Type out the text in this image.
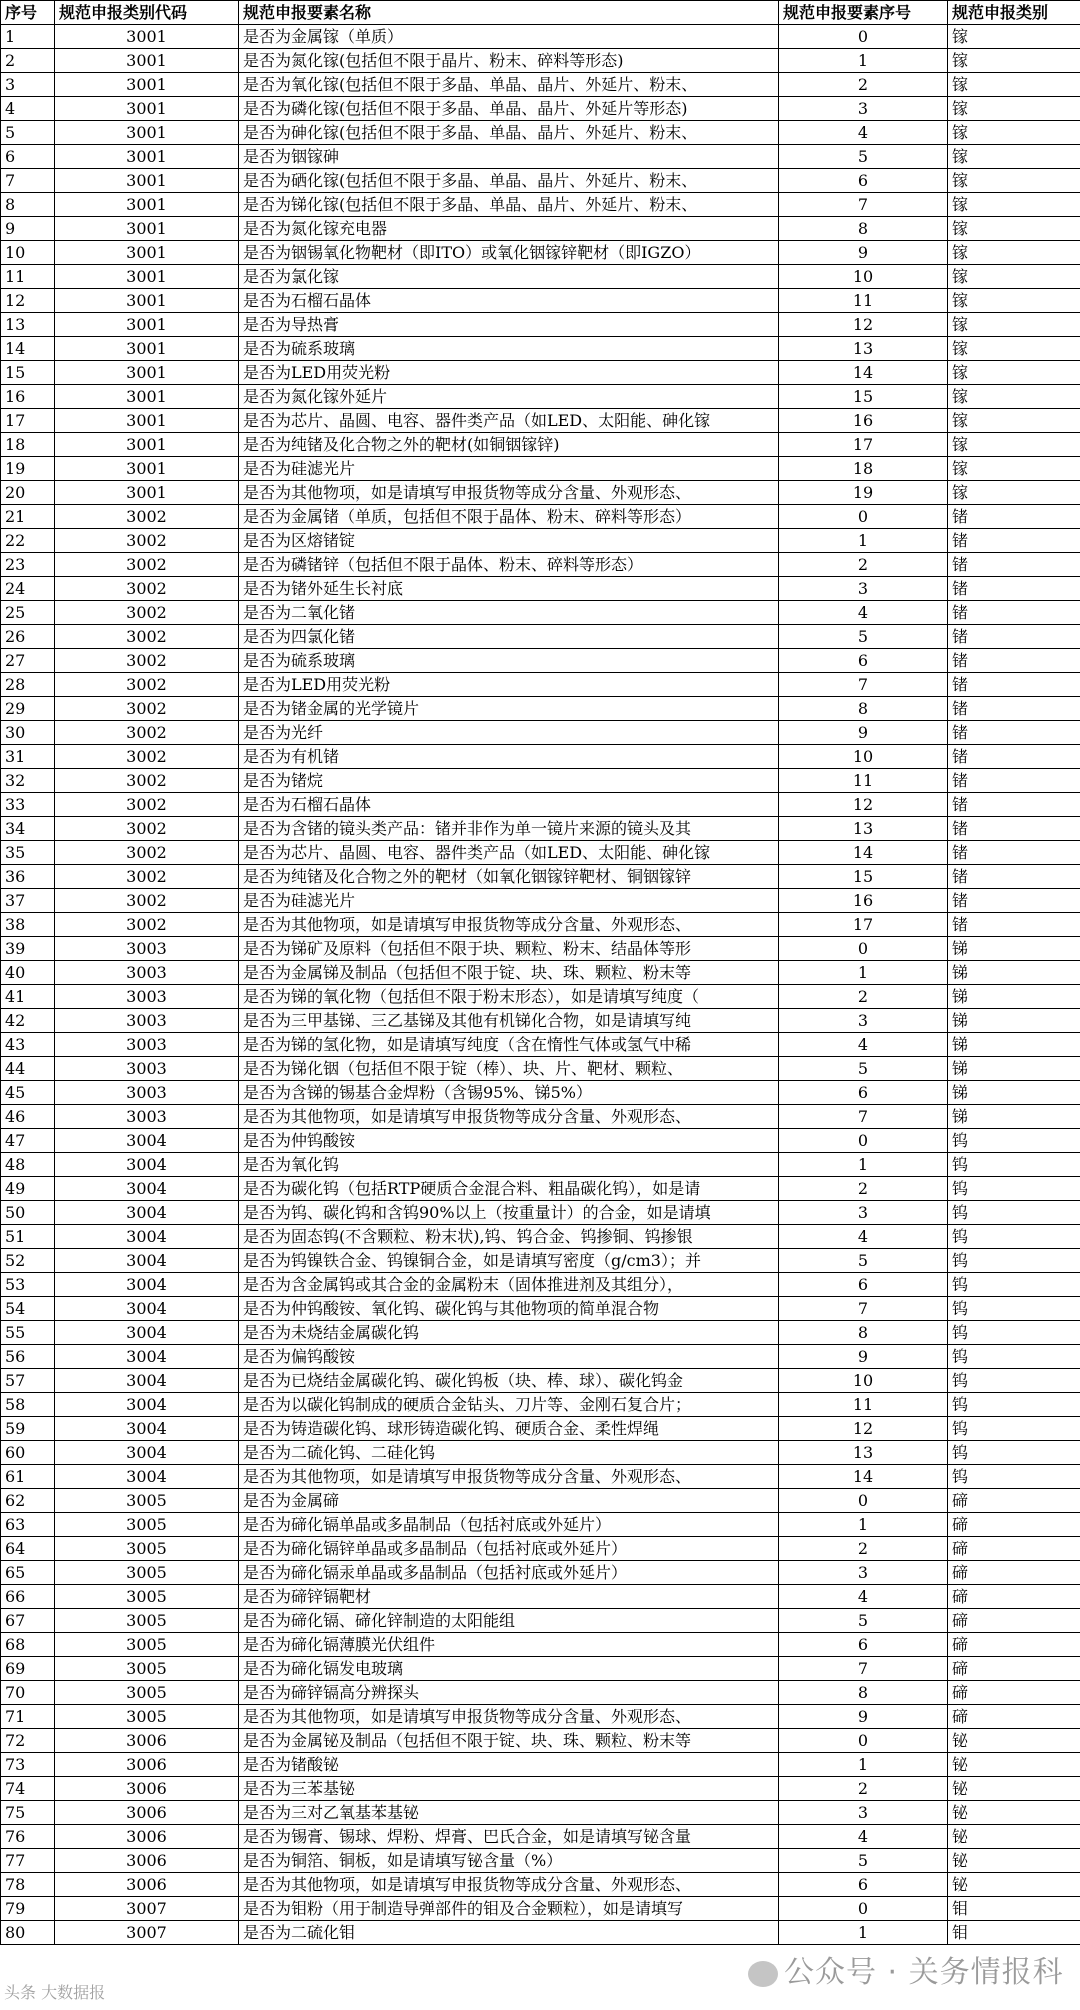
序号	规范申报类别代码	规范申报要素名称	规范申报要素序号	规范申报类别
1	3001	是否为金属镓（单质）	0	镓
2	3001	是否为氮化镓(包括但不限于晶片、粉末、碎料等形态)	1	镓
3	3001	是否为氧化镓(包括但不限于多晶、单晶、晶片、外延片、粉末、	2	镓
4	3001	是否为磷化镓(包括但不限于多晶、单晶、晶片、外延片等形态)	3	镓
5	3001	是否为砷化镓(包括但不限于多晶、单晶、晶片、外延片、粉末、	4	镓
6	3001	是否为铟镓砷	5	镓
7	3001	是否为硒化镓(包括但不限于多晶、单晶、晶片、外延片、粉末、	6	镓
8	3001	是否为锑化镓(包括但不限于多晶、单晶、晶片、外延片、粉末、	7	镓
9	3001	是否为氮化镓充电器	8	镓
10	3001	是否为铟锡氧化物靶材（即ITO）或氧化铟镓锌靶材（即IGZO）	9	镓
11	3001	是否为氯化镓	10	镓
12	3001	是否为石榴石晶体	11	镓
13	3001	是否为导热膏	12	镓
14	3001	是否为硫系玻璃	13	镓
15	3001	是否为LED用荧光粉	14	镓
16	3001	是否为氮化镓外延片	15	镓
17	3001	是否为芯片、晶圆、电容、器件类产品（如LED、太阳能、砷化镓	16	镓
18	3001	是否为纯锗及化合物之外的靶材(如铜铟镓锌)	17	镓
19	3001	是否为硅滤光片	18	镓
20	3001	是否为其他物项，如是请填写申报货物等成分含量、外观形态、	19	镓
21	3002	是否为金属锗（单质，包括但不限于晶体、粉末、碎料等形态）	0	锗
22	3002	是否为区熔锗锭	1	锗
23	3002	是否为磷锗锌（包括但不限于晶体、粉末、碎料等形态）	2	锗
24	3002	是否为锗外延生长衬底	3	锗
25	3002	是否为二氧化锗	4	锗
26	3002	是否为四氯化锗	5	锗
27	3002	是否为硫系玻璃	6	锗
28	3002	是否为LED用荧光粉	7	锗
29	3002	是否为锗金属的光学镜片	8	锗
30	3002	是否为光纤	9	锗
31	3002	是否为有机锗	10	锗
32	3002	是否为锗烷	11	锗
33	3002	是否为石榴石晶体	12	锗
34	3002	是否为含锗的镜头类产品：锗并非作为单一镜片来源的镜头及其	13	锗
35	3002	是否为芯片、晶圆、电容、器件类产品（如LED、太阳能、砷化镓	14	锗
36	3002	是否为纯锗及化合物之外的靶材（如氧化铟镓锌靶材、铜铟镓锌	15	锗
37	3002	是否为硅滤光片	16	锗
38	3002	是否为其他物项，如是请填写申报货物等成分含量、外观形态、	17	锗
39	3003	是否为锑矿及原料（包括但不限于块、颗粒、粉末、结晶体等形	0	锑
40	3003	是否为金属锑及制品（包括但不限于锭、块、珠、颗粒、粉末等	1	锑
41	3003	是否为锑的氧化物（包括但不限于粉末形态），如是请填写纯度（	2	锑
42	3003	是否为三甲基锑、三乙基锑及其他有机锑化合物，如是请填写纯	3	锑
43	3003	是否为锑的氢化物，如是请填写纯度（含在惰性气体或氢气中稀	4	锑
44	3003	是否为锑化铟（包括但不限于锭（棒）、块、片、靶材、颗粒、	5	锑
45	3003	是否为含锑的锡基合金焊粉（含锡95%、锑5%）	6	锑
46	3003	是否为其他物项，如是请填写申报货物等成分含量、外观形态、	7	锑
47	3004	是否为仲钨酸铵	0	钨
48	3004	是否为氧化钨	1	钨
49	3004	是否为碳化钨（包括RTP硬质合金混合料、粗晶碳化钨），如是请	2	钨
50	3004	是否为钨、碳化钨和含钨90%以上（按重量计）的合金，如是请填	3	钨
51	3004	是否为固态钨(不含颗粒、粉末状),钨、钨合金、钨掺铜、钨掺银	4	钨
52	3004	是否为钨镍铁合金、钨镍铜合金，如是请填写密度（g/cm3）；并	5	钨
53	3004	是否为含金属钨或其合金的金属粉末（固体推进剂及其组分），	6	钨
54	3004	是否为仲钨酸铵、氧化钨、碳化钨与其他物项的简单混合物	7	钨
55	3004	是否为未烧结金属碳化钨	8	钨
56	3004	是否为偏钨酸铵	9	钨
57	3004	是否为已烧结金属碳化钨、碳化钨板（块、棒、球）、碳化钨金	10	钨
58	3004	是否为以碳化钨制成的硬质合金钻头、刀片等、金刚石复合片；	11	钨
59	3004	是否为铸造碳化钨、球形铸造碳化钨、硬质合金、柔性焊绳	12	钨
60	3004	是否为二硫化钨、二硅化钨	13	钨
61	3004	是否为其他物项，如是请填写申报货物等成分含量、外观形态、	14	钨
62	3005	是否为金属碲	0	碲
63	3005	是否为碲化镉单晶或多晶制品（包括衬底或外延片）	1	碲
64	3005	是否为碲化镉锌单晶或多晶制品（包括衬底或外延片）	2	碲
65	3005	是否为碲化镉汞单晶或多晶制品（包括衬底或外延片）	3	碲
66	3005	是否为碲锌镉靶材	4	碲
67	3005	是否为碲化镉、碲化锌制造的太阳能组	5	碲
68	3005	是否为碲化镉薄膜光伏组件	6	碲
69	3005	是否为碲化镉发电玻璃	7	碲
70	3005	是否为碲锌镉高分辨探头	8	碲
71	3005	是否为其他物项，如是请填写申报货物等成分含量、外观形态、	9	碲
72	3006	是否为金属铋及制品（包括但不限于锭、块、珠、颗粒、粉末等	0	铋
73	3006	是否为锗酸铋	1	铋
74	3006	是否为三苯基铋	2	铋
75	3006	是否为三对乙氧基苯基铋	3	铋
76	3006	是否为锡膏、锡球、焊粉、焊膏、巴氏合金，如是请填写铋含量	4	铋
77	3006	是否为铜箔、铜板，如是请填写铋含量（%）	5	铋
78	3006	是否为其他物项，如是请填写申报货物等成分含量、外观形态、	6	铋
79	3007	是否为钼粉（用于制造导弹部件的钼及合金颗粒），如是请填写	0	钼
80	3007	是否为二硫化钼	1	钼
公众号 · 关务情报科
头条 大数据报
